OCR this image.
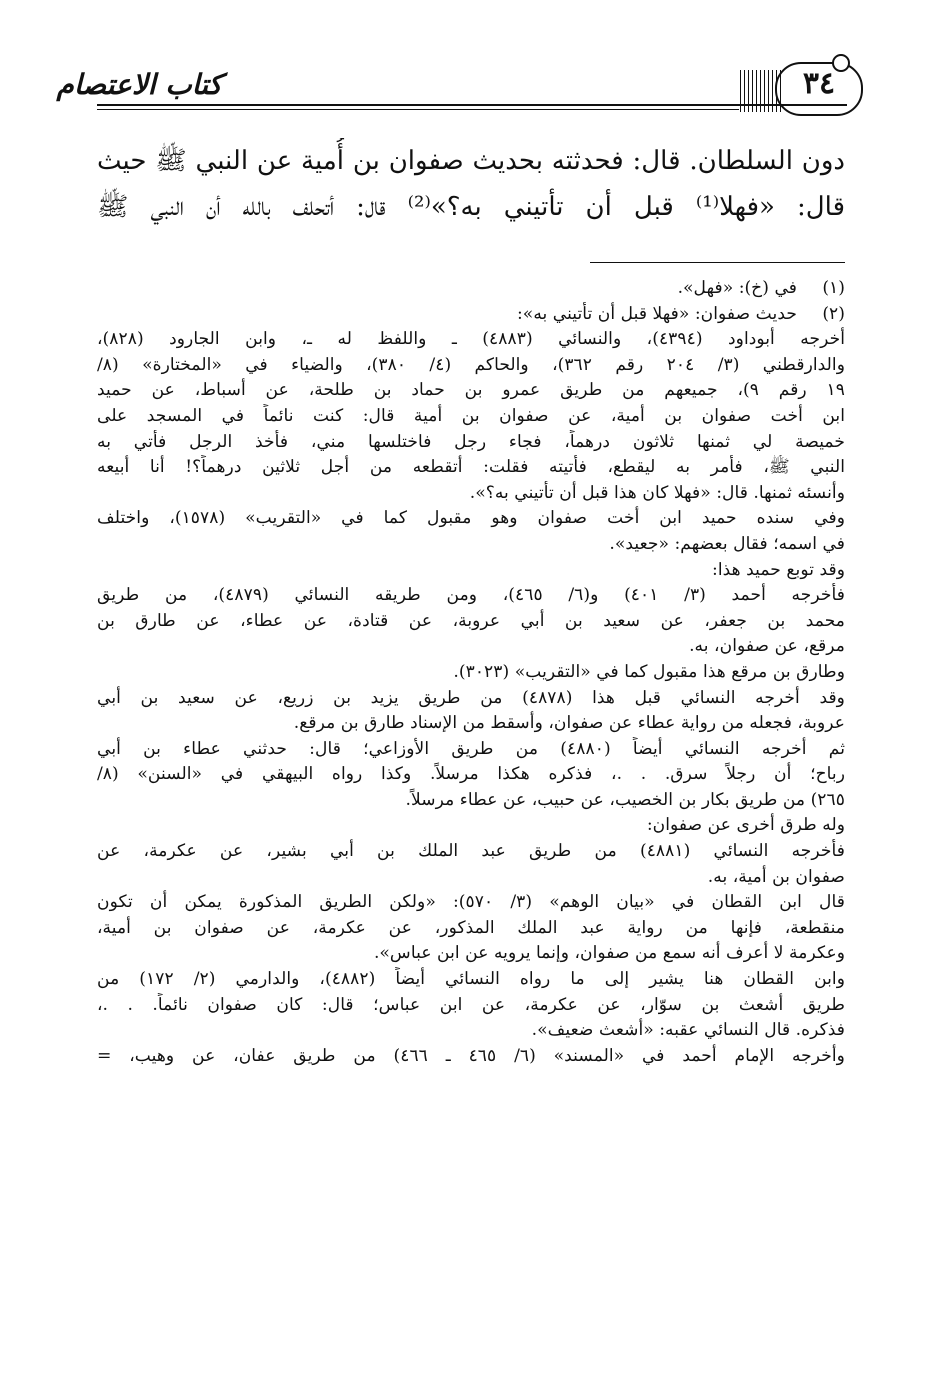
٣٤
كتاب الاعتصام
دون السلطان. قال: فحدثته بحديث صفوان بن أُمية عن النبي ﷺ حيث
قال: «فهلا⁽¹⁾ قبل أن تأتيني به؟»⁽²⁾ قال: أتحلف بالله أن النبي ﷺ
(١)في (خ): «فهل».
(٢)حديث صفوان: «فهلا قبل أن تأتيني به»:
أخرجه أبوداود (٤٣٩٤)، والنسائي (٤٨٨٣) ـ واللفظ له ـ، وابن الجارود (٨٢٨)،
والدارقطني (٣/ ٢٠٤ رقم ٣٦٢)، والحاكم (٤/ ٣٨٠)، والضياء في «المختارة» (٨/
١٩ رقم ٩)، جميعهم من طريق عمرو بن حماد بن طلحة، عن أسباط، عن حميد
ابن أخت صفوان بن أمية، عن صفوان بن أمية قال: كنت نائماً في المسجد على
خميصة لي ثمنها ثلاثون درهماً، فجاء رجل فاختلسها مني، فأُخذ الرجل فأتي به
النبي ﷺ، فأمر به ليقطع، فأتيته فقلت: أتقطعه من أجل ثلاثين درهماً؟! أنا أبيعه
وأنسئه ثمنها. قال: «فهلا كان هذا قبل أن تأتيني به؟».
وفي سنده حميد ابن أخت صفوان وهو مقبول كما في «التقريب» (١٥٧٨)، واختلف
في اسمه؛ فقال بعضهم: «جعيد».
وقد توبع حميد هذا:
فأخرجه أحمد (٣/ ٤٠١) و(٦/ ٤٦٥)، ومن طريقه النسائي (٤٨٧٩)، من طريق
محمد بن جعفر، عن سعيد بن أبي عروبة، عن قتادة، عن عطاء، عن طارق بن
مرقع، عن صفوان، به.
وطارق بن مرقع هذا مقبول كما في «التقريب» (٣٠٢٣).
وقد أخرجه النسائي قبل هذا (٤٨٧٨) من طريق يزيد بن زريع، عن سعيد بن أبي
عروبة، فجعله من رواية عطاء عن صفوان، وأسقط من الإسناد طارق بن مرقع.
ثم أخرجه النسائي أيضاً (٤٨٨٠) من طريق الأوزاعي؛ قال: حدثني عطاء بن أبي
رباح؛ أن رجلاً سرق. . .، فذكره هكذا مرسلاً. وكذا رواه البيهقي في «السنن» (٨/
٢٦٥) من طريق بكار بن الخصيب، عن حبيب، عن عطاء مرسلاً.
وله طرق أخرى عن صفوان:
فأخرجه النسائي (٤٨٨١) من طريق عبد الملك بن أبي بشير، عن عكرمة، عن
صفوان بن أمية، به.
قال ابن القطان في «بيان الوهم» (٣/ ٥٧٠): «ولكن الطريق المذكورة يمكن أن تكون
منقطعة، فإنها من رواية عبد الملك المذكور، عن عكرمة، عن صفوان بن أمية،
وعكرمة لا أعرف أنه سمع من صفوان، وإنما يرويه عن ابن عباس».
وابن القطان هنا يشير إلى ما رواه النسائي أيضاً (٤٨٨٢)، والدارمي (٢/ ١٧٢) من
طريق أشعث بن سوّار، عن عكرمة، عن ابن عباس؛ قال: كان صفوان نائماً. . .،
فذكره. قال النسائي عقبه: «أشعث ضعيف».
وأخرجه الإمام أحمد في «المسند» (٦/ ٤٦٥ ـ ٤٦٦) من طريق عفان، عن وهيب، =
